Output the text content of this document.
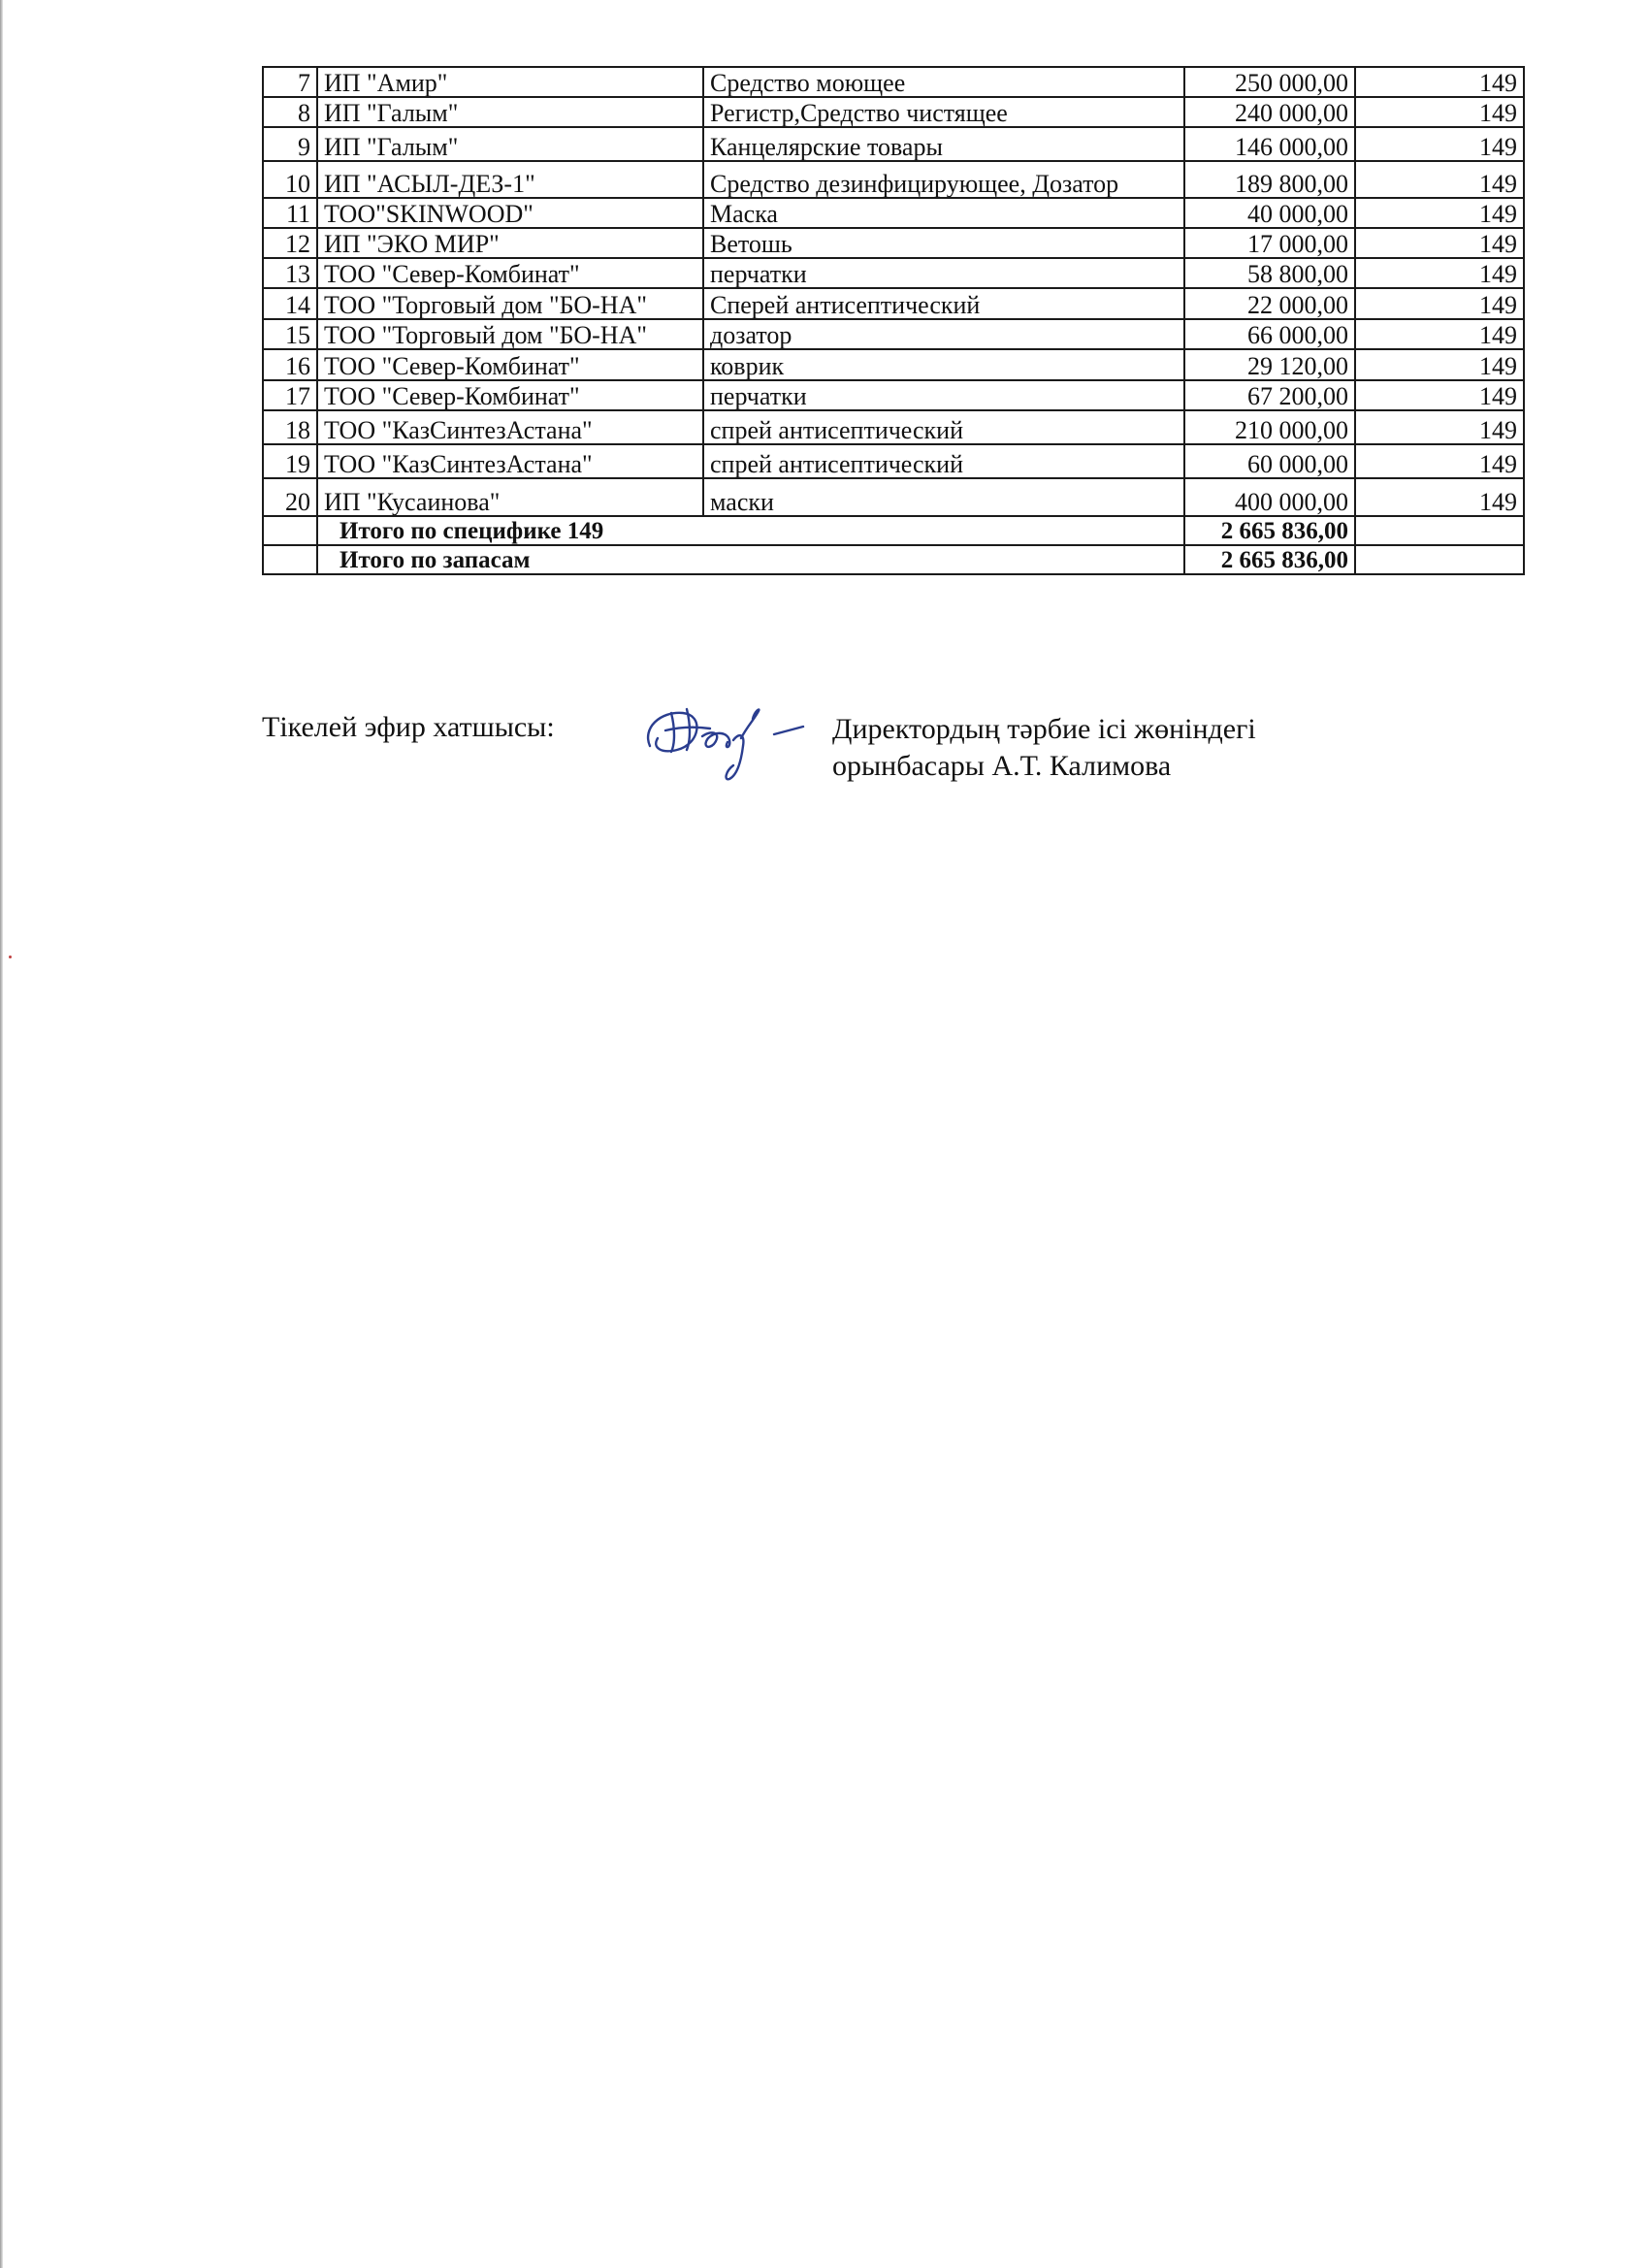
7	ИП "Амир"	Средство моющее	250 000,00	149
8	ИП "Галым"	Регистр,Средство чистящее	240 000,00	149
9	ИП "Галым"	Канцелярские товары	146 000,00	149
10	ИП "АСЫЛ-ДЕЗ-1"	Средство дезинфицирующее, Дозатор	189 800,00	149
11	ТОО"SKINWOOD"	Маска	40 000,00	149
12	ИП "ЭКО МИР"	Ветошь	17 000,00	149
13	ТОО "Север-Комбинат"	перчатки	58 800,00	149
14	ТОО "Торговый дом "БО-НА"	Сперей антисептический	22 000,00	149
15	ТОО "Торговый дом "БО-НА"	дозатор	66 000,00	149
16	ТОО "Север-Комбинат"	коврик	29 120,00	149
17	ТОО "Север-Комбинат"	перчатки	67 200,00	149
18	ТОО "КазСинтезАстана"	спрей антисептический	210 000,00	149
19	ТОО "КазСинтезАстана"	спрей антисептический	60 000,00	149
20	ИП "Кусаинова"	маски	400 000,00	149
	Итого по специфике 149		2 665 836,00	
	Итого по запасам		2 665 836,00	
Тікелей эфир хатшысы:	Директордың тәрбие ісі жөніндегі
орынбасары А.Т. Калимова
